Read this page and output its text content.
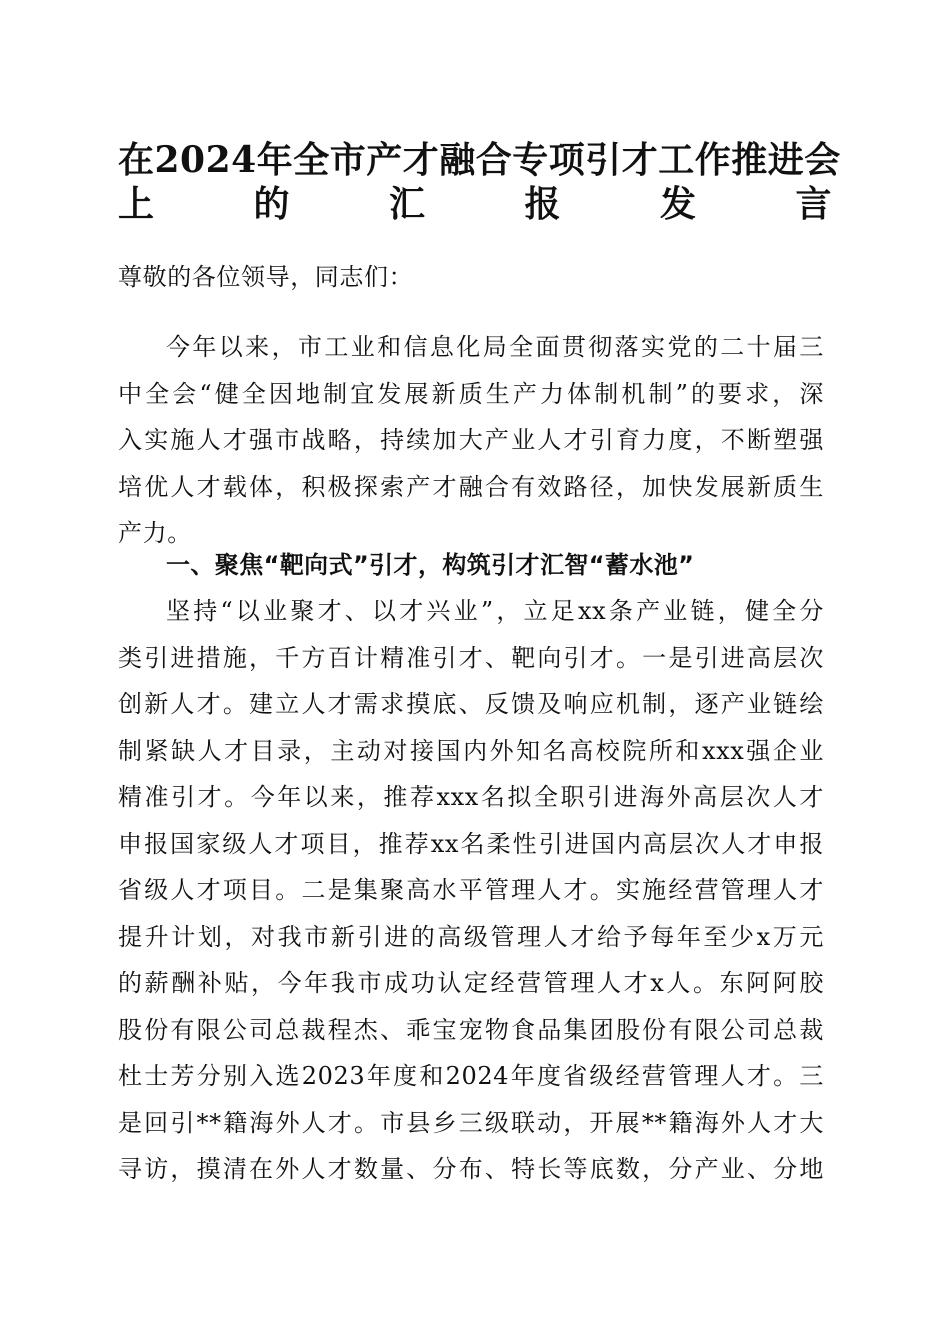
在2024年全市产才融合专项引才工作推进会
上的汇报发言
尊敬的各位领导，同志们：
今年以来，市工业和信息化局全面贯彻落实党的二十届三
中全会“健全因地制宜发展新质生产力体制机制”的要求，深
入实施人才强市战略，持续加大产业人才引育力度，不断塑强
培优人才载体，积极探索产才融合有效路径，加快发展新质生
产力。
一、聚焦“靶向式”引才，构筑引才汇智“蓄水池”
坚持“以业聚才、以才兴业”，立足xx条产业链，健全分
类引进措施，千方百计精准引才、靶向引才。一是引进高层次
创新人才。建立人才需求摸底、反馈及响应机制，逐产业链绘
制紧缺人才目录，主动对接国内外知名高校院所和xxx强企业
精准引才。今年以来，推荐xxx名拟全职引进海外高层次人才
申报国家级人才项目，推荐xx名柔性引进国内高层次人才申报
省级人才项目。二是集聚高水平管理人才。实施经营管理人才
提升计划，对我市新引进的高级管理人才给予每年至少x万元
的薪酬补贴，今年我市成功认定经营管理人才x人。东阿阿胶
股份有限公司总裁程杰、乖宝宠物食品集团股份有限公司总裁
杜士芳分别入选2023年度和2024年度省级经营管理人才。三
是回引**籍海外人才。市县乡三级联动，开展**籍海外人才大
寻访，摸清在外人才数量、分布、特长等底数，分产业、分地
